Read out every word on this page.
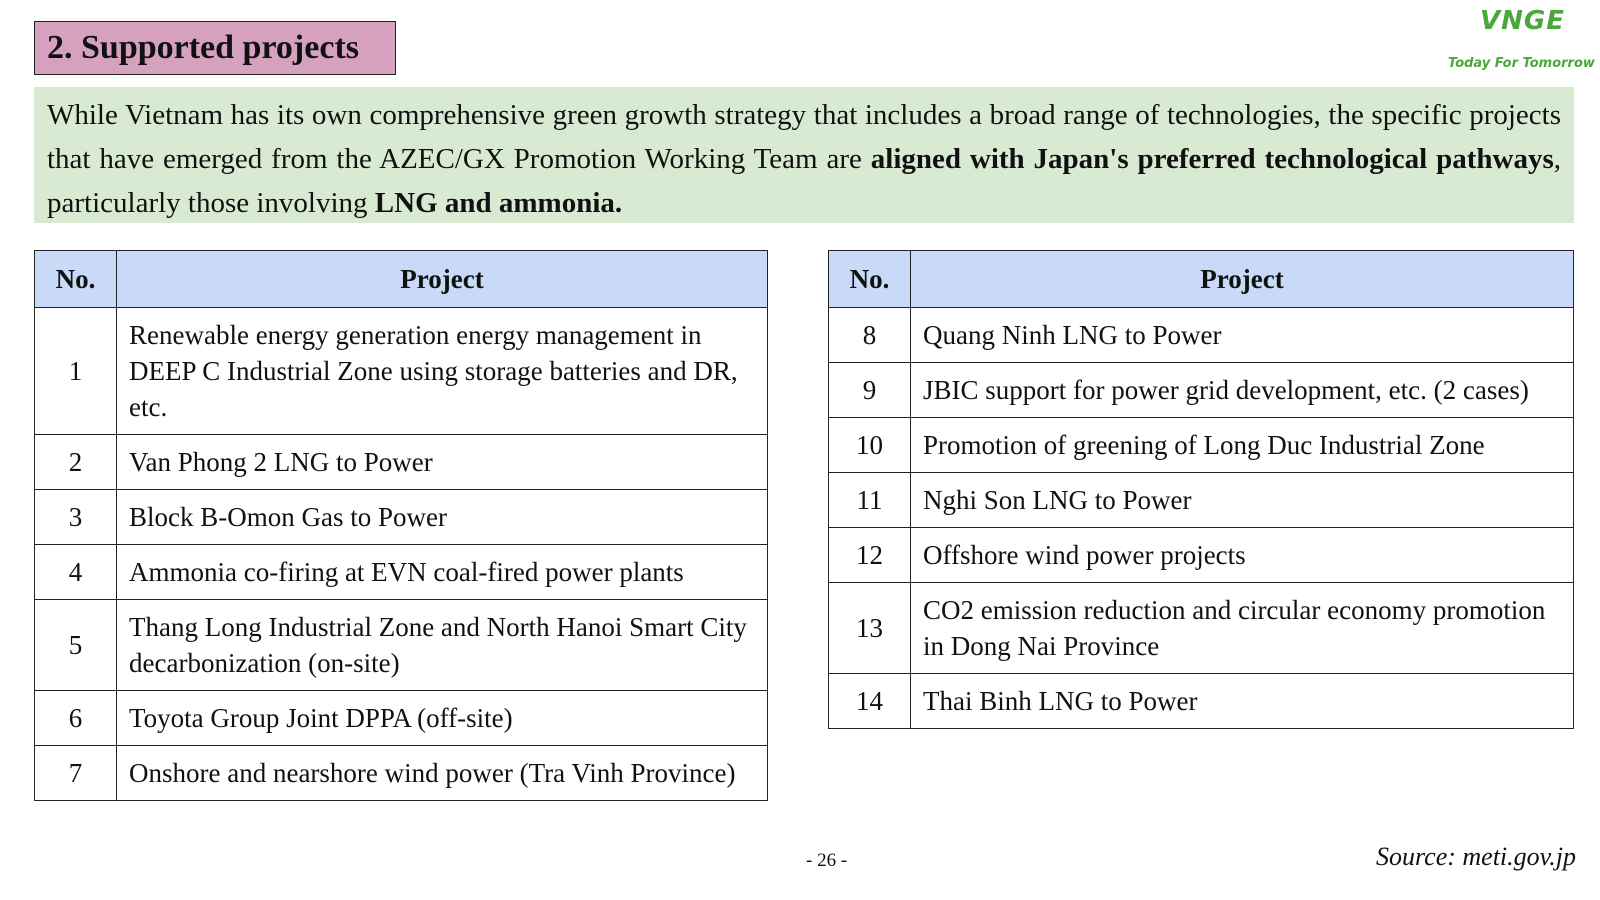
2. Supported projects
VNGE
Today For Tomorrow
While Vietnam has its own comprehensive green growth strategy that includes a broad range of technologies, the specific projects that have emerged from the AZEC/GX Promotion Working Team are aligned with Japan's preferred technological pathways, particularly those involving LNG and ammonia.
No.	Project
1	Renewable energy generation energy management in DEEP C Industrial Zone using storage batteries and DR, etc.
2	Van Phong 2 LNG to Power
3	Block B-Omon Gas to Power
4	Ammonia co-firing at EVN coal-fired power plants
5	Thang Long Industrial Zone and North Hanoi Smart City decarbonization (on-site)
6	Toyota Group Joint DPPA (off-site)
7	Onshore and nearshore wind power (Tra Vinh Province)
No.	Project
8	Quang Ninh LNG to Power
9	JBIC support for power grid development, etc. (2 cases)
10	Promotion of greening of Long Duc Industrial Zone
11	Nghi Son LNG to Power
12	Offshore wind power projects
13	CO2 emission reduction and circular economy promotion in Dong Nai Province
14	Thai Binh LNG to Power
- 26 -	Source: meti.gov.jp
